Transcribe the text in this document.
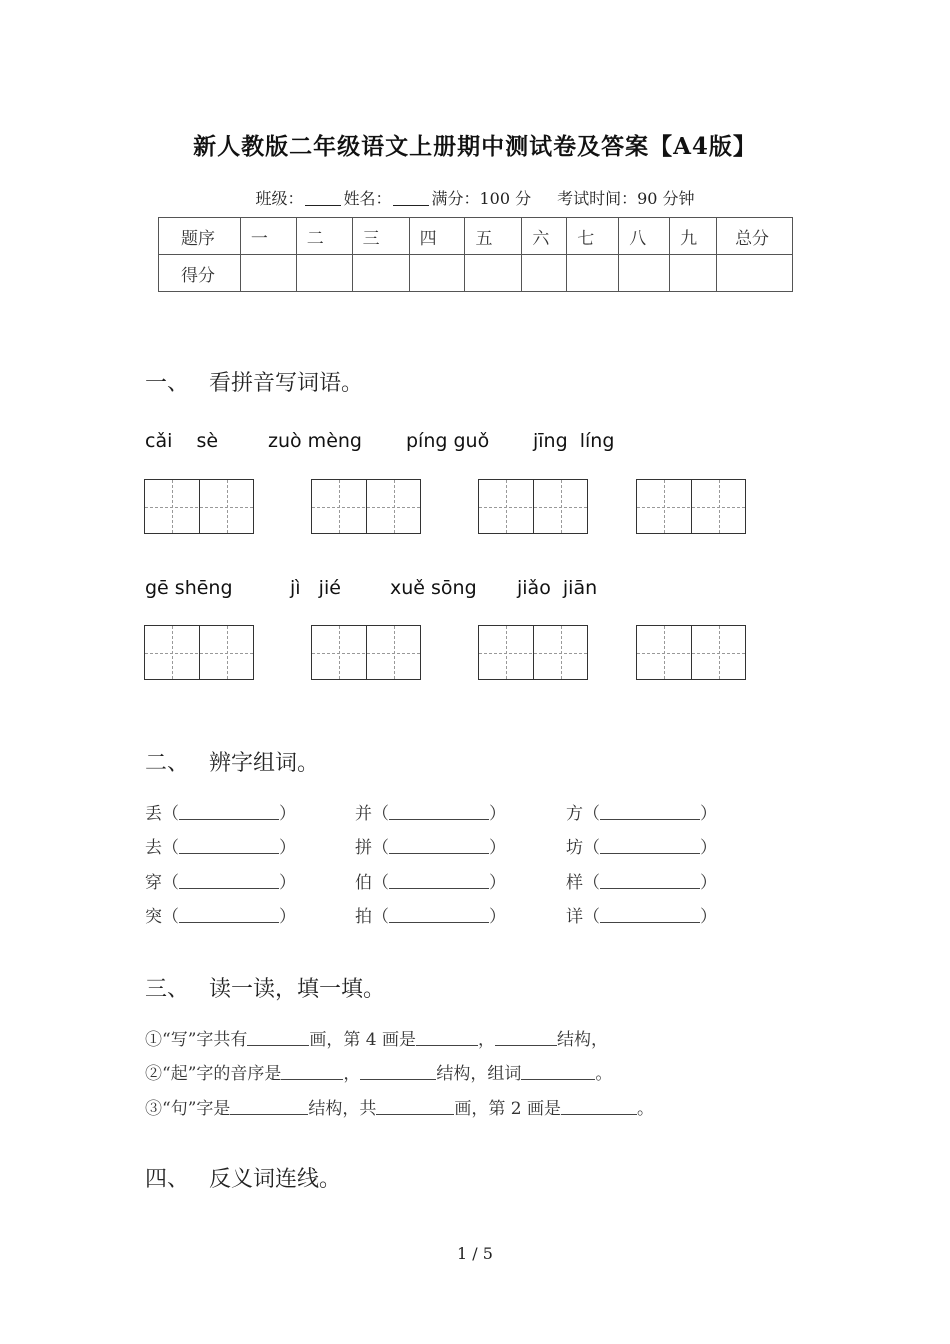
新人教版二年级语文上册期中测试卷及答案【A4版】
班级：	姓名：	满分：100 分 考试时间：90 分钟
题序	一	二	三	四	五	六	七	八	九	总分
得分										
一、 看拼音写词语。
cǎi    sè	zuò mèng píng guǒ jīng  líng
gē shēng	jì   jié	xuě sōng jiǎo  jiān
二、 辨字组词。
丢（	）	并（	）	方（	）
去（	）	拼（	）	坊（	）
穿（	）	伯（	）	样（	）
突（	）	拍（	）	详（	）
三、 读一读，填一填。
①“写”字共有	画，第 4 画是	，	结构，
②“起”字的音序是	，	结构，组词	。
③“句”字是	结构，共	画，第 2 画是	。
四、 反义词连线。
1 / 5
